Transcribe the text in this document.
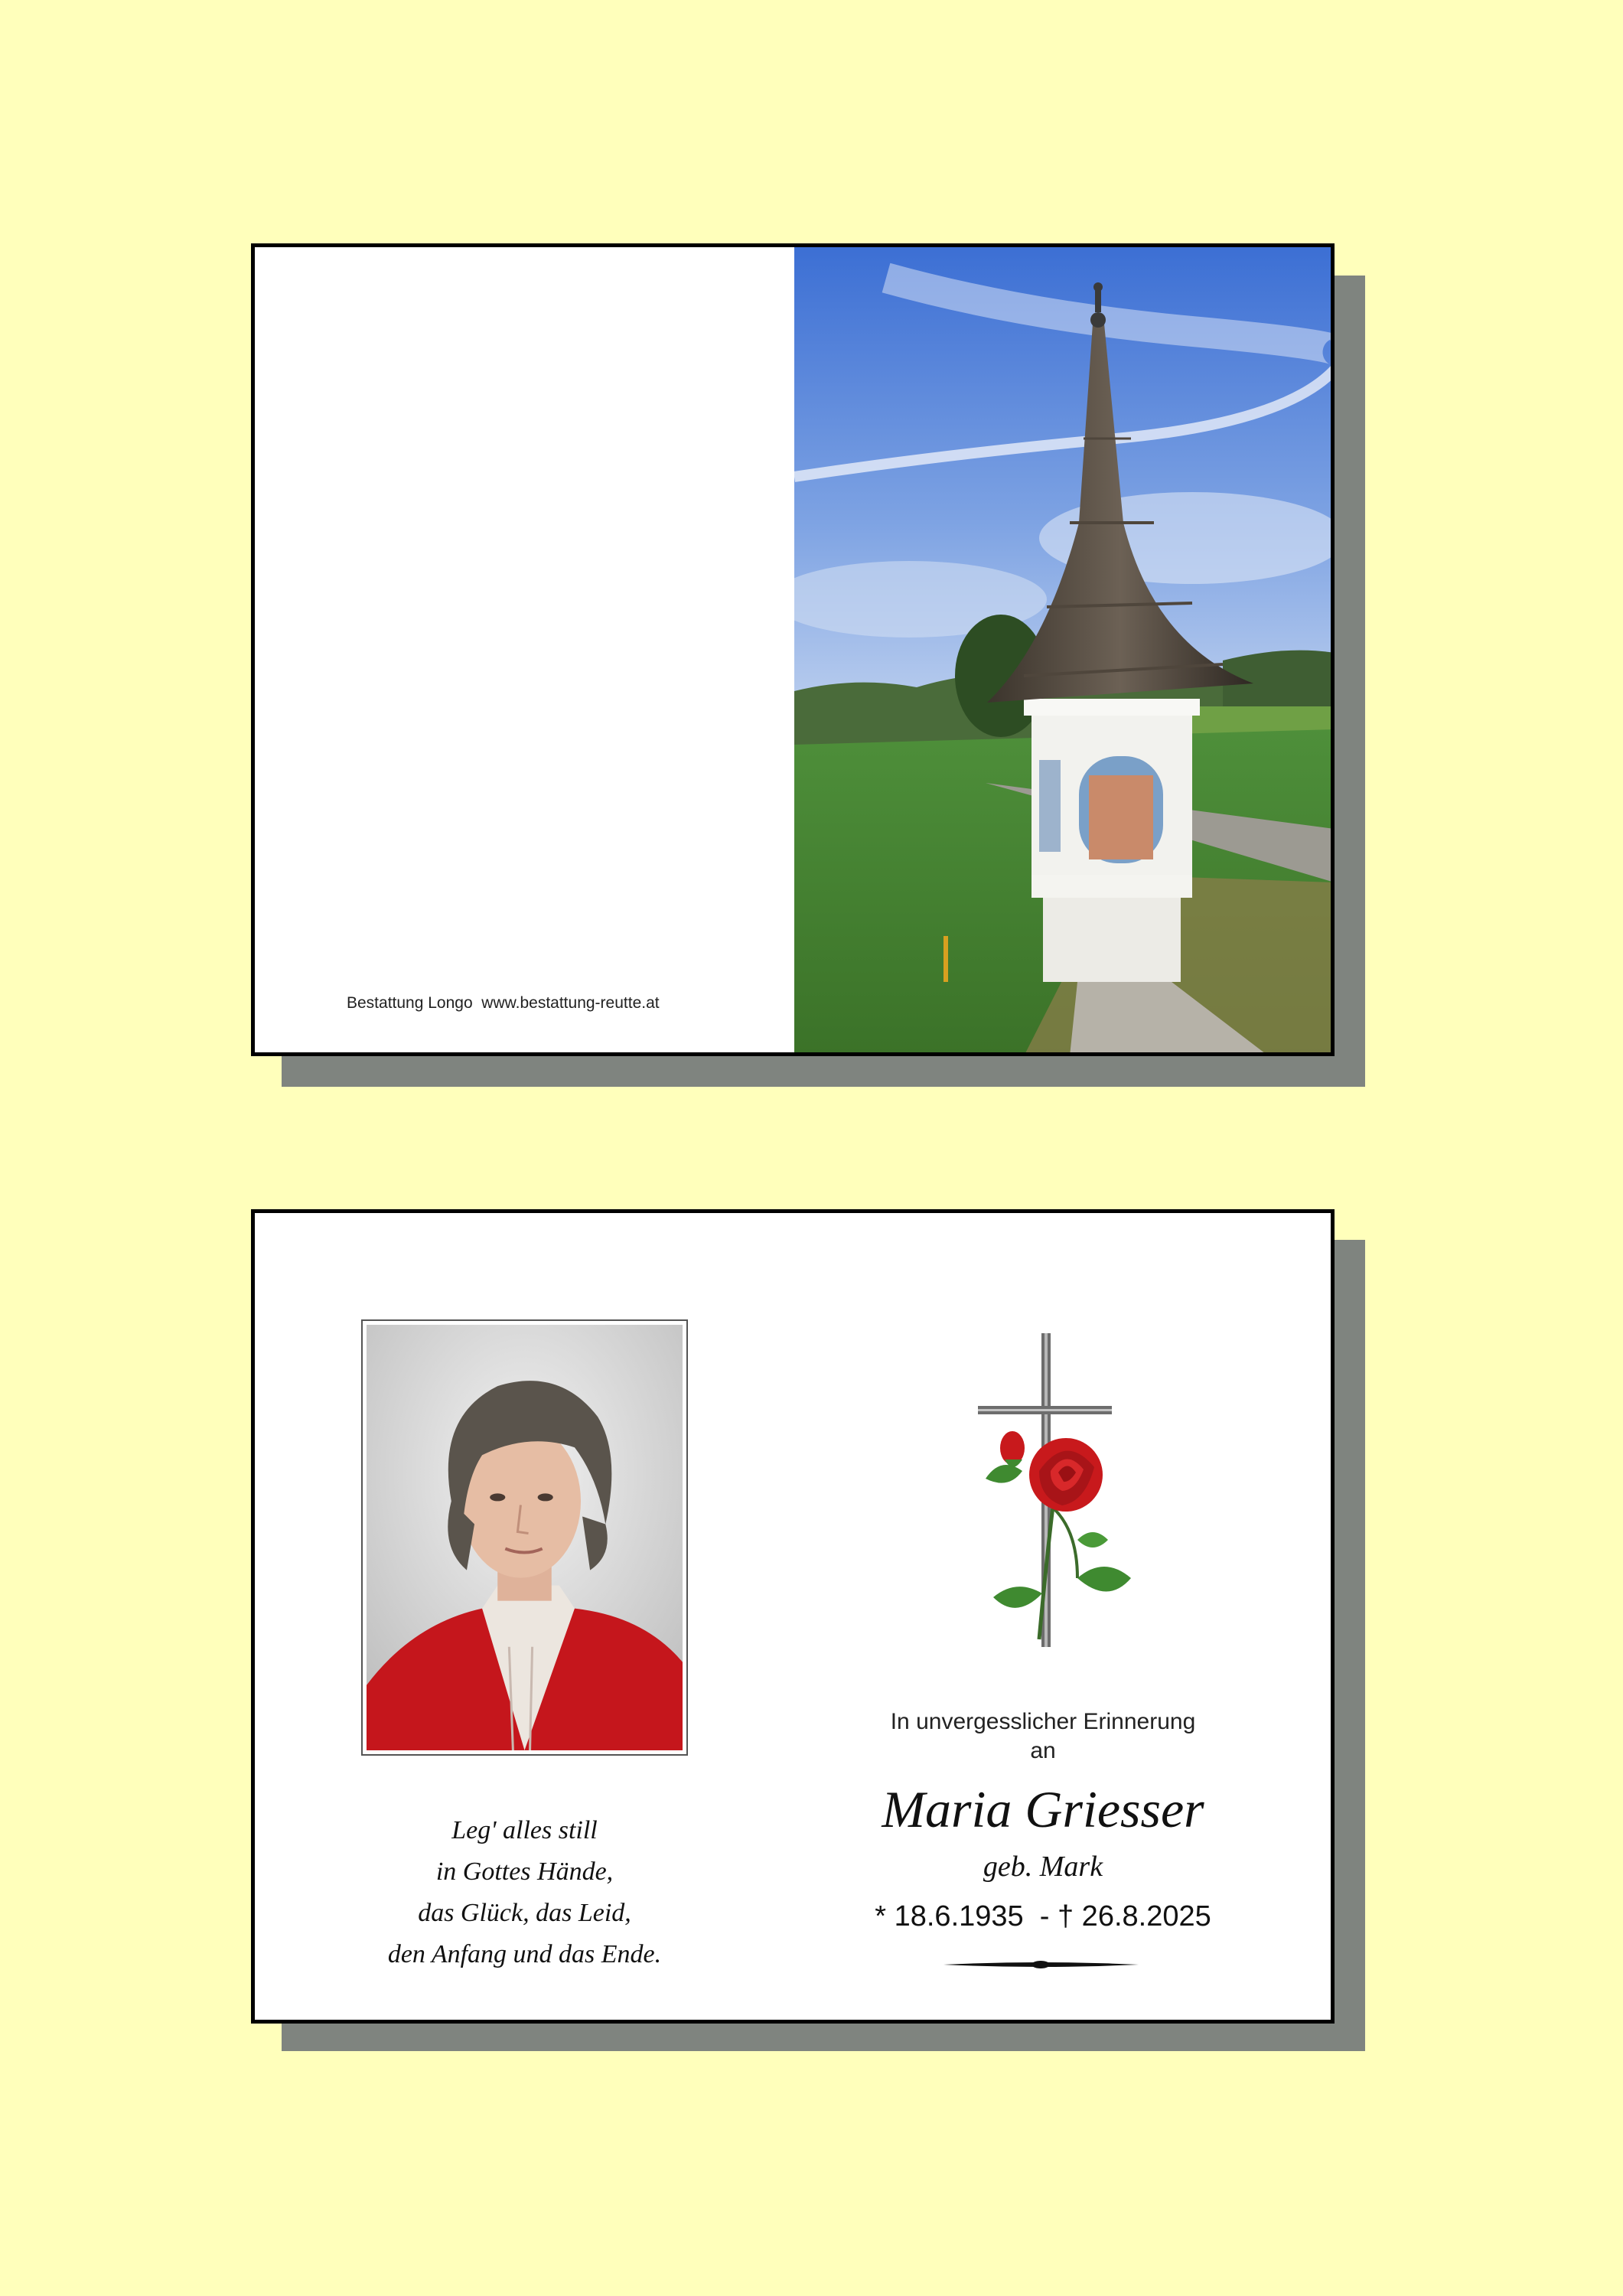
Bestattung Longo  www.bestattung-reutte.at
Leg' alles still
in Gottes Hände,
das Glück, das Leid,
den Anfang und das Ende.
In unvergesslicher Erinnerung
an
Maria Griesser
geb. Mark
* 18.6.1935  - † 26.8.2025
